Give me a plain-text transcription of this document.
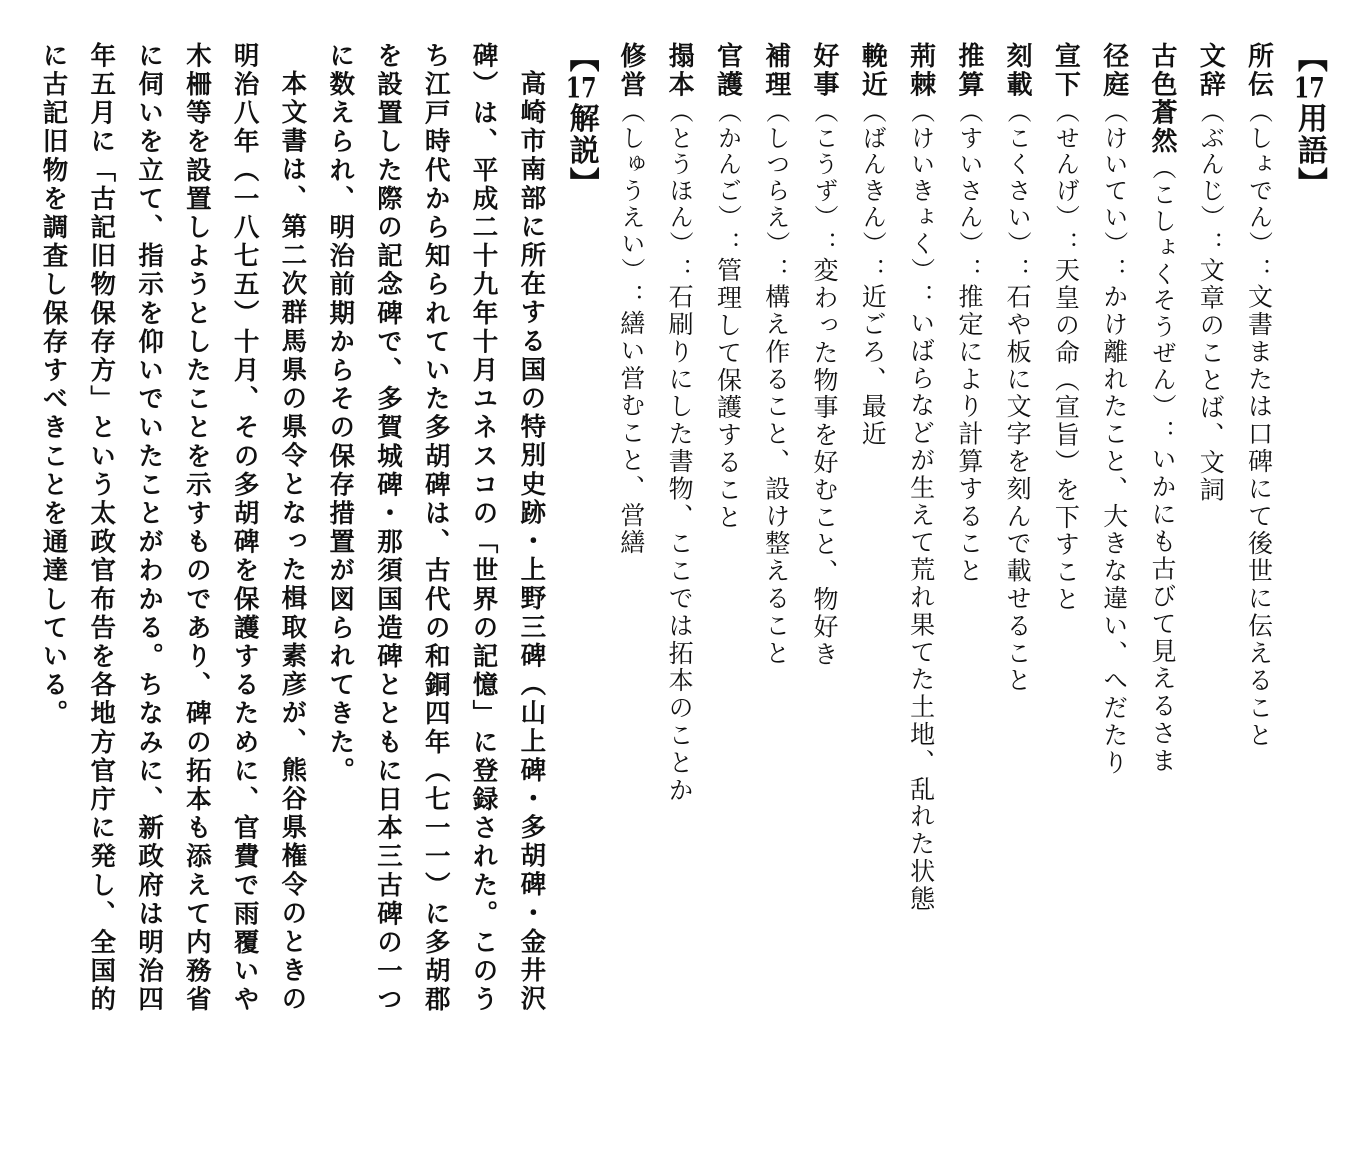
【17用語】
所伝（しょでん）：文書または口碑にて後世に伝えること
文辞（ぶんじ）：文章のことば、文詞
古色蒼然（こしょくそうぜん）：いかにも古びて見えるさま
径庭（けいてい）：かけ離れたこと、大きな違い、へだたり
宣下（せんげ）：天皇の命（宣旨）を下すこと
刻載（こくさい）：石や板に文字を刻んで載せること
推算（すいさん）：推定により計算すること
荊棘（けいきょく）：いばらなどが生えて荒れ果てた土地、乱れた状態
輓近（ばんきん）：近ごろ、最近
好事（こうず）：変わった物事を好むこと、物好き
補理（しつらえ）：構え作ること、設け整えること
官護（かんご）：管理して保護すること
搨本（とうほん）：石刷りにした書物、ここでは拓本のことか
修営（しゅうえい）：繕い営むこと、営繕
【17解説】
高崎市南部に所在する国の特別史跡・上野三碑（山上碑・多胡碑・金井沢
碑）は、平成二十九年十月ユネスコの「世界の記憶」に登録された。このう
ち江戸時代から知られていた多胡碑は、古代の和銅四年（七一一）に多胡郡
を設置した際の記念碑で、多賀城碑・那須国造碑とともに日本三古碑の一つ
に数えられ、明治前期からその保存措置が図られてきた。
本文書は、第二次群馬県の県令となった楫取素彦が、熊谷県権令のときの
明治八年（一八七五）十月、その多胡碑を保護するために、官費で雨覆いや
木柵等を設置しようとしたことを示すものであり、碑の拓本も添えて内務省
に伺いを立て、指示を仰いでいたことがわかる。ちなみに、新政府は明治四
年五月に「古記旧物保存方」という太政官布告を各地方官庁に発し、全国的
に古記旧物を調査し保存すべきことを通達している。
